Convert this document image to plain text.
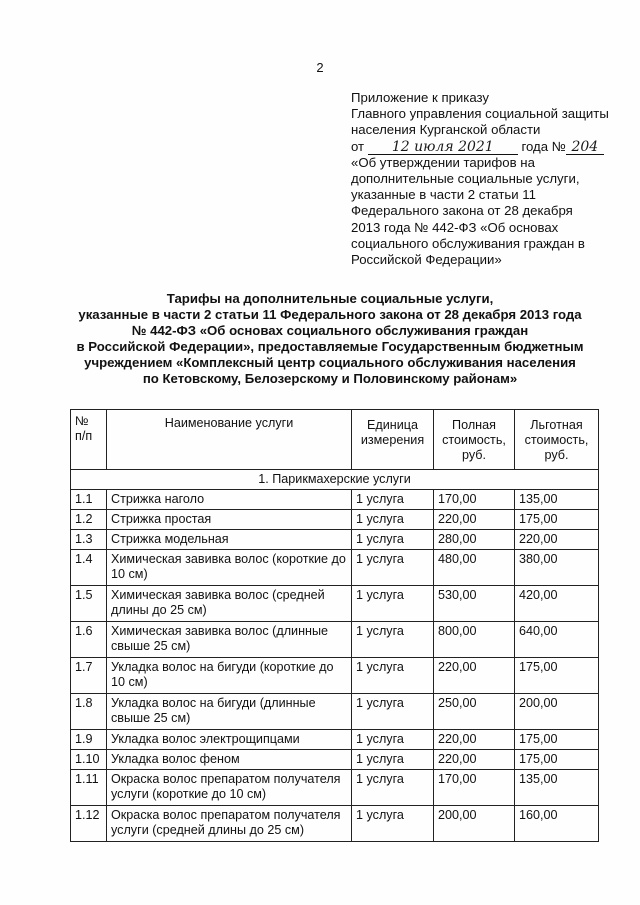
2
Приложение к приказу
Главного управления социальной защиты
населения Курганской области
от 12 июля 2021 года № 204
«Об утверждении тарифов на
дополнительные социальные услуги,
указанные в части 2 статьи 11
Федерального закона от 28 декабря
2013 года № 442-ФЗ «Об основах
социального обслуживания граждан в
Российской Федерации»
Тарифы на дополнительные социальные услуги,
указанные в части 2 статьи 11 Федерального закона от 28 декабря 2013 года
№ 442-ФЗ «Об основах социального обслуживания граждан
в Российской Федерации», предоставляемые Государственным бюджетным
учреждением «Комплексный центр социального обслуживания населения
по Кетовскому, Белозерскому и Половинскому районам»
№ п/п	Наименование услуги	Единица измерения	Полная стоимость, руб.	Льготная стоимость, руб.
1. Парикмахерские услуги				
1.1	Стрижка наголо	1 услуга	170,00	135,00
1.2	Стрижка простая	1 услуга	220,00	175,00
1.3	Стрижка модельная	1 услуга	280,00	220,00
1.4	Химическая завивка волос (короткие до 10 см)	1 услуга	480,00	380,00
1.5	Химическая завивка волос (средней длины до 25 см)	1 услуга	530,00	420,00
1.6	Химическая завивка волос (длинные свыше 25 см)	1 услуга	800,00	640,00
1.7	Укладка волос на бигуди (короткие до 10 см)	1 услуга	220,00	175,00
1.8	Укладка волос на бигуди (длинные свыше 25 см)	1 услуга	250,00	200,00
1.9	Укладка волос электрощипцами	1 услуга	220,00	175,00
1.10	Укладка волос феном	1 услуга	220,00	175,00
1.11	Окраска волос препаратом получателя услуги (короткие до 10 см)	1 услуга	170,00	135,00
1.12	Окраска волос препаратом получателя услуги (средней длины до 25 см)	1 услуга	200,00	160,00
